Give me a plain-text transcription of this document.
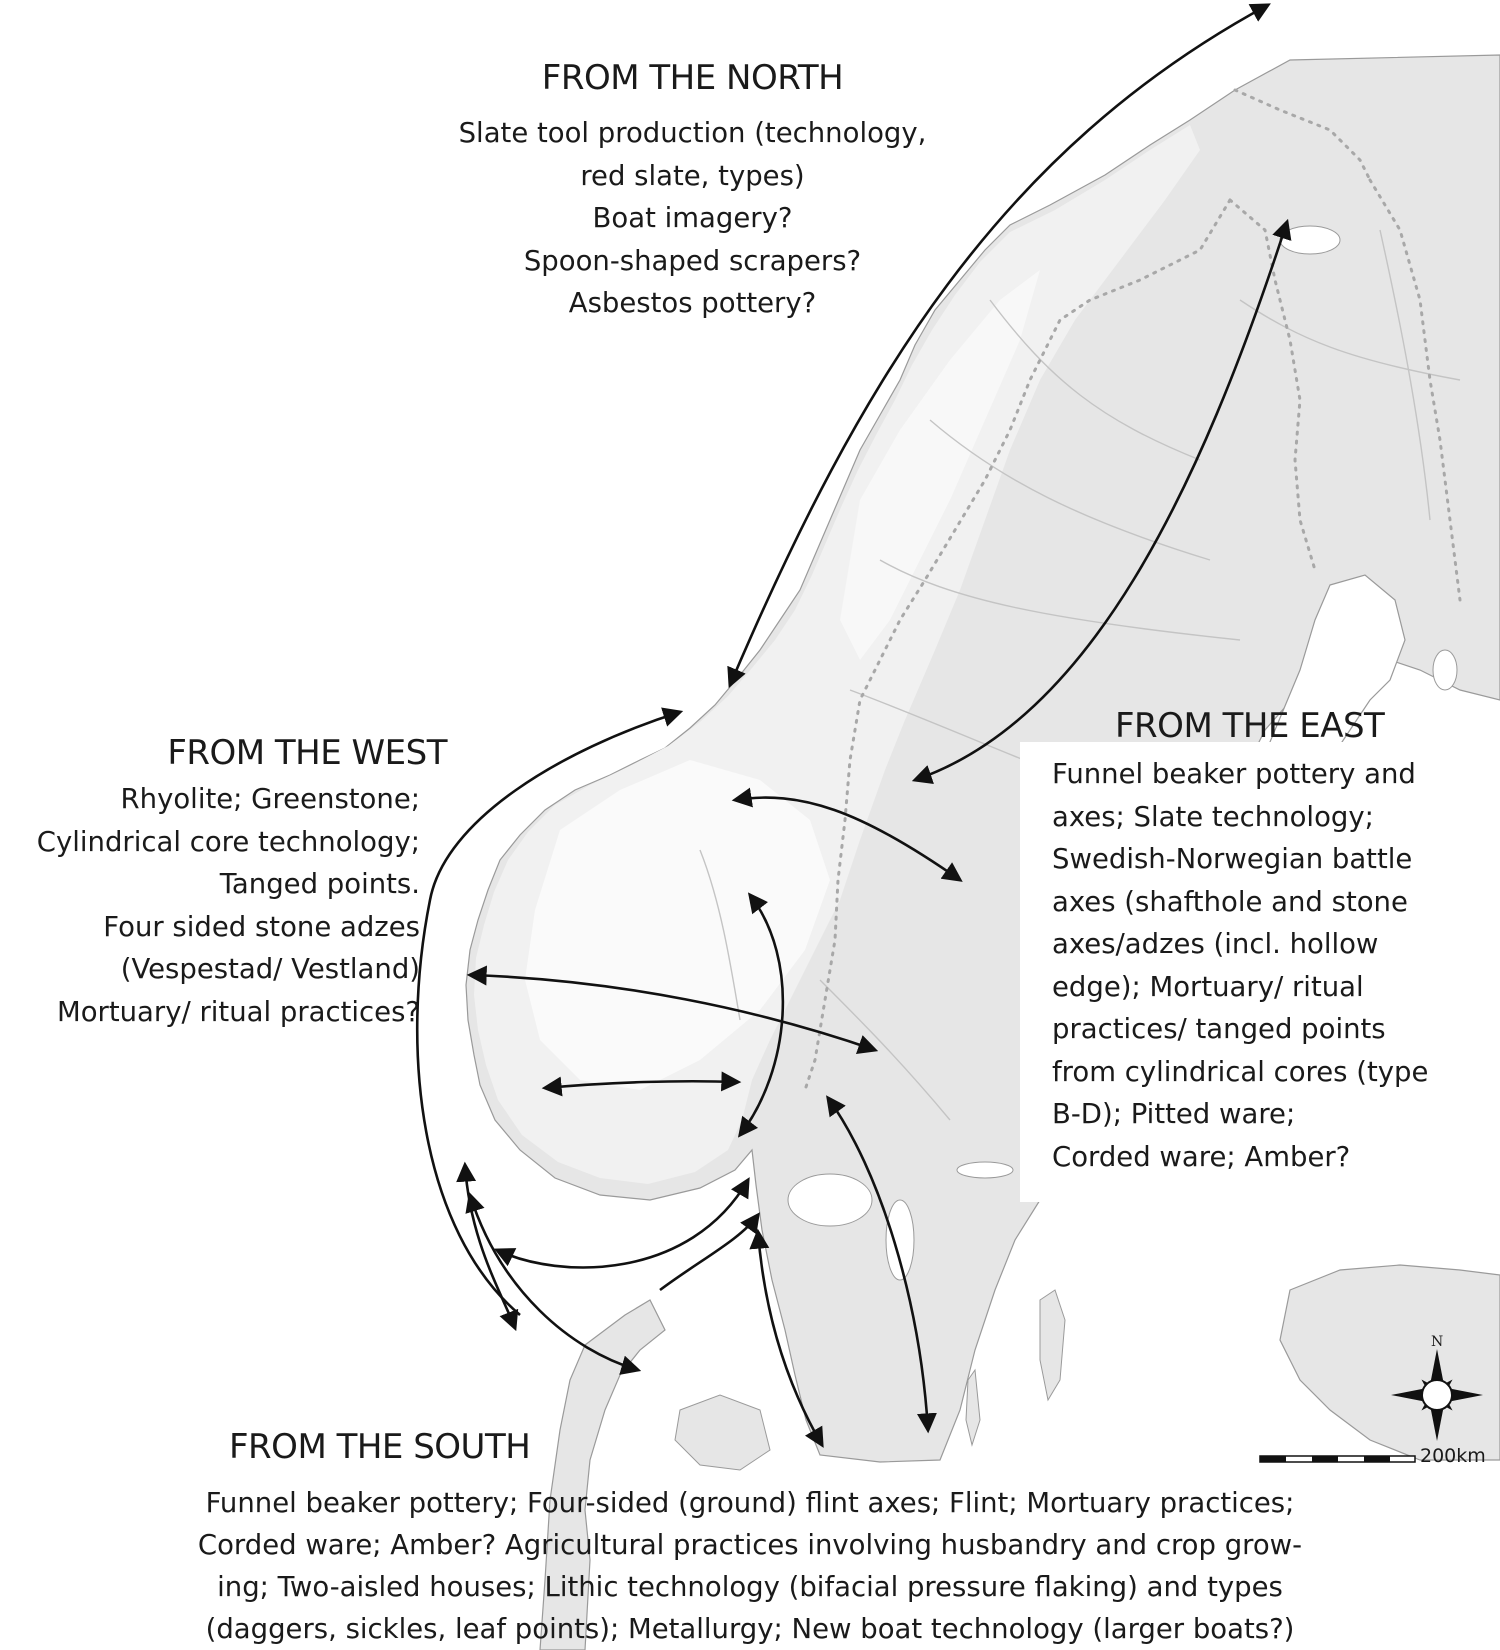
FROM THE NORTH
Slate tool production (technology,
red slate, types)
Boat imagery?
Spoon-shaped scrapers?
Asbestos pottery?
FROM THE WEST
Rhyolite; Greenstone;
Cylindrical core technology;
Tanged points.
Four sided stone adzes
(Vespestad/ Vestland)
Mortuary/ ritual practices?
FROM THE EAST
Funnel beaker pottery and
axes; Slate technology;
Swedish-Norwegian battle
axes (shafthole and stone
axes/adzes (incl. hollow
edge); Mortuary/ ritual
practices/ tanged points
from cylindrical cores (type
B-D); Pitted ware;
Corded ware; Amber?
FROM THE SOUTH
Funnel beaker pottery; Four-sided (ground) flint axes; Flint; Mortuary practices;
Corded ware; Amber? Agricultural practices involving husbandry and crop grow-
ing; Two-aisled houses; Lithic technology (bifacial pressure flaking) and types
(daggers, sickles, leaf points); Metallurgy; New boat technology (larger boats?)
200km
N
